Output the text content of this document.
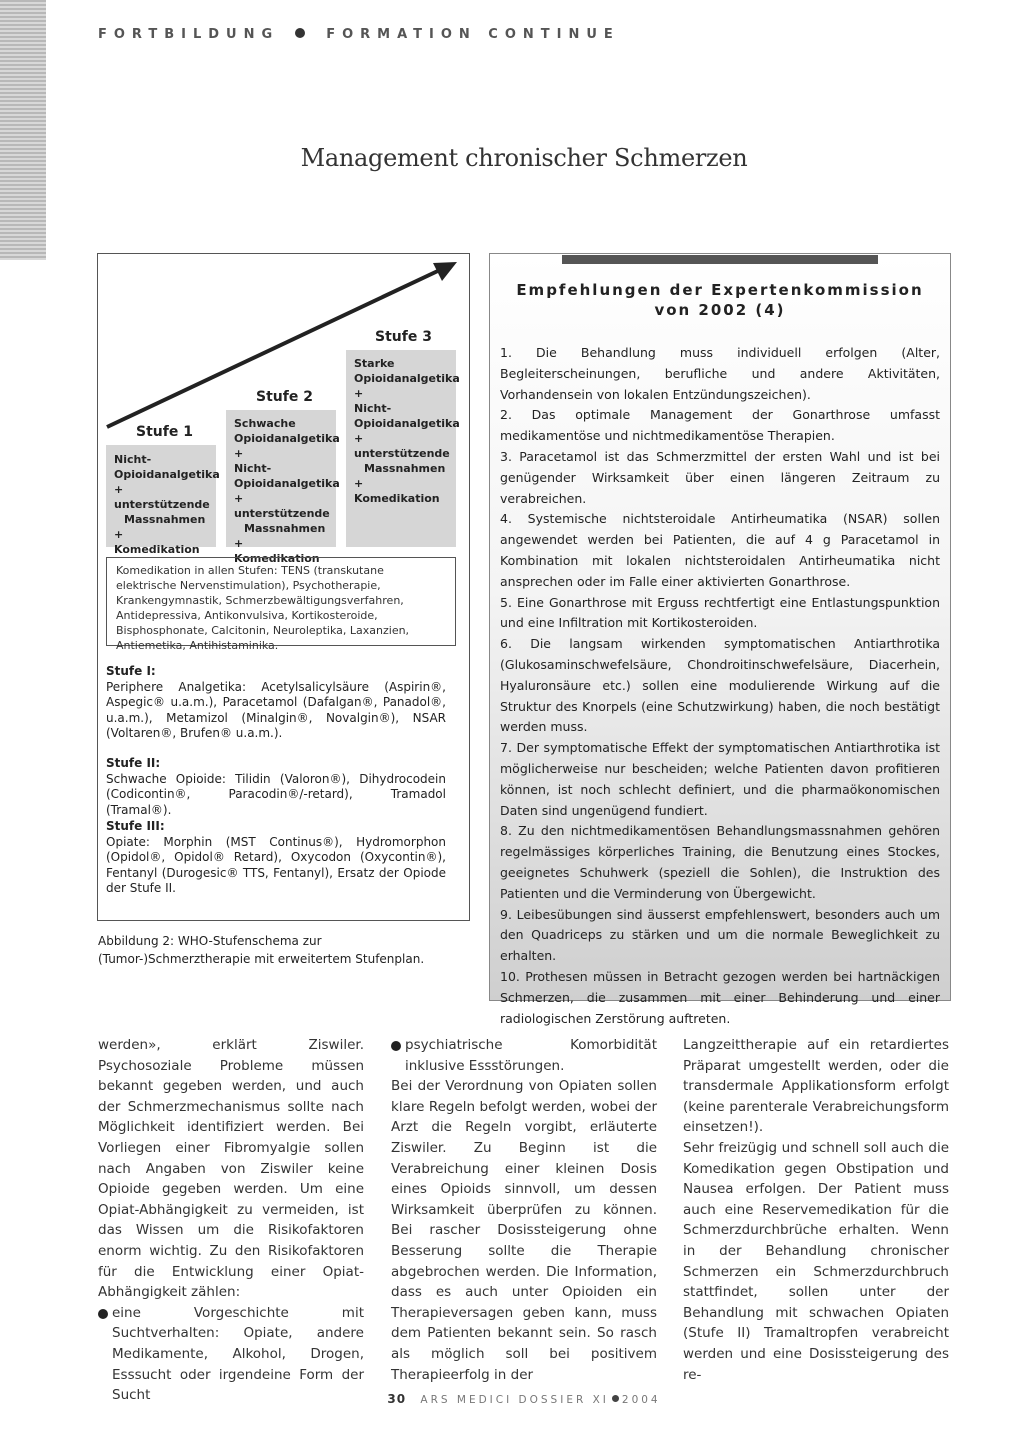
FORTBILDUNG	FORMATION CONTINUE
Management chronischer Schmerzen
Stufe 1
Nicht-
Opioidanalgetika
+ unterstützende
Massnahmen
+ Komedikation
Stufe 2
Schwache
Opioidanalgetika
+
Nicht-
Opioidanalgetika
+ unterstützende
Massnahmen
+ Komedikation
Stufe 3
Starke
Opioidanalgetika
+
Nicht-
Opioidanalgetika
+ unterstützende
Massnahmen
+ Komedikation
Komedikation in allen Stufen: TENS (transkutane elektrische Nervenstimulation), Psychotherapie, Krankengymnastik, Schmerzbewältigungsverfahren, Antidepressiva, Antikonvulsiva, Kortikosteroide, Bisphosphonate, Calcitonin, Neuroleptika, Laxanzien, Antiemetika, Antihistaminika.
Stufe I:
Periphere Analgetika: Acetylsalicylsäure (Aspirin®, Aspegic® u.a.m.), Paracetamol (Dafalgan®, Panadol®, u.a.m.), Metamizol (Minalgin®, Novalgin®), NSAR (Voltaren®, Brufen® u.a.m.).
Stufe II:
Schwache Opioide: Tilidin (Valoron®), Dihydrocodein (Codicontin®, Paracodin®/-retard), Tramadol (Tramal®).
Stufe III:
Opiate: Morphin (MST Continus®), Hydromorphon (Opidol®, Opidol® Retard), Oxycodon (Oxycontin®), Fentanyl (Durogesic® TTS, Fentanyl), Ersatz der Opiode der Stufe II.
Abbildung 2: WHO-Stufenschema zur (Tumor-)Schmerztherapie mit erweitertem Stufenplan.
Empfehlungen der Expertenkommission von 2002 (4)

1. Die Behandlung muss individuell erfolgen (Alter, Begleiterscheinungen, berufliche und andere Aktivitäten, Vorhandensein von lokalen Entzündungszeichen).

2. Das optimale Management der Gonarthrose umfasst medikamentöse und nichtmedikamentöse Therapien.

3. Paracetamol ist das Schmerzmittel der ersten Wahl und ist bei genügender Wirksamkeit über einen längeren Zeitraum zu verabreichen.

4. Systemische nichtsteroidale Antirheumatika (NSAR) sollen angewendet werden bei Patienten, die auf 4 g Paracetamol in Kombination mit lokalen nichtsteroidalen Antirheumatika nicht ansprechen oder im Falle einer aktivierten Gonarthrose.

5. Eine Gonarthrose mit Erguss rechtfertigt eine Entlastungspunktion und eine Infiltration mit Kortikosteroiden.

6. Die langsam wirkenden symptomatischen Antiarthrotika (Glukosaminschwefelsäure, Chondroitinschwefelsäure, Diacerhein, Hyaluronsäure etc.) sollen eine modulierende Wirkung auf die Struktur des Knorpels (eine Schutzwirkung) haben, die noch bestätigt werden muss.

7. Der symptomatische Effekt der symptomatischen Antiarthrotika ist möglicherweise nur bescheiden; welche Patienten davon profitieren können, ist noch schlecht definiert, und die pharmaökonomischen Daten sind ungenügend fundiert.

8. Zu den nichtmedikamentösen Behandlungsmassnahmen gehören regelmässiges körperliches Training, die Benutzung eines Stockes, geeignetes Schuhwerk (speziell die Sohlen), die Instruktion des Patienten und die Verminderung von Übergewicht.

9. Leibesübungen sind äusserst empfehlenswert, besonders auch um den Quadriceps zu stärken und um die normale Beweglichkeit zu erhalten.

10. Prothesen müssen in Betracht gezogen werden bei hartnäckigen Schmerzen, die zusammen mit einer Behinderung und einer radiologischen Zerstörung auftreten.

werden», erklärt Ziswiler. Psychosoziale Probleme müssen bekannt gegeben werden, und auch der Schmerzmechanismus sollte nach Möglichkeit identifiziert werden. Bei Vorliegen einer Fibromyalgie sollen nach Angaben von Ziswiler keine Opioide gegeben werden. Um eine Opiat-Abhängigkeit zu vermeiden, ist das Wissen um die Risikofaktoren enorm wichtig. Zu den Risikofaktoren für die Entwicklung einer Opiat-Abhängigkeit zählen:

eine Vorgeschichte mit Suchtverhalten: Opiate, andere Medikamente, Alkohol, Drogen, Esssucht oder irgendeine Form der Sucht
psychiatrische Komorbidität inklusive Essstörungen.

Bei der Verordnung von Opiaten sollen klare Regeln befolgt werden, wobei der Arzt die Regeln vorgibt, erläuterte Ziswiler. Zu Beginn ist die Verabreichung einer kleinen Dosis eines Opioids sinnvoll, um dessen Wirksamkeit überprüfen zu können. Bei rascher Dosissteigerung ohne Besserung sollte die Therapie abgebrochen werden. Die Information, dass es auch unter Opioiden ein Therapieversagen geben kann, muss dem Patienten bekannt sein. So rasch als möglich soll bei positivem Therapieerfolg in der

Langzeittherapie auf ein retardiertes Präparat umgestellt werden, oder die transdermale Applikationsform erfolgt (keine parenterale Verabreichungsform einsetzen!).

Sehr freizügig und schnell soll auch die Komedikation gegen Obstipation und Nausea erfolgen. Der Patient muss auch eine Reservemedikation für die Schmerzdurchbrüche erhalten. Wenn in der Behandlung chronischer Schmerzen ein Schmerzdurchbruch stattfindet, sollen unter der Behandlung mit schwachen Opiaten (Stufe II) Tramaltropfen verabreicht werden und eine Dosissteigerung des re-

30 ARS MEDICI DOSSIER XI 2004
